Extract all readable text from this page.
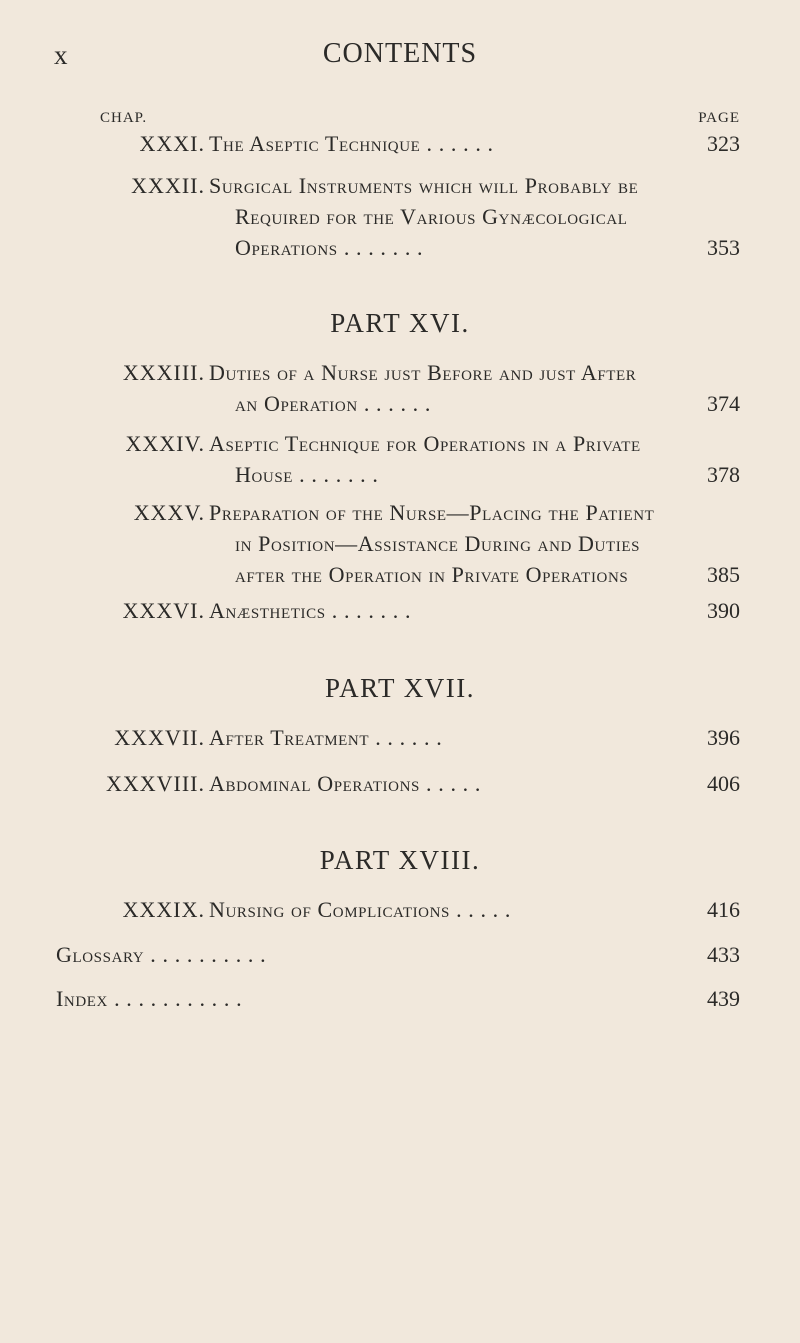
x	CONTENTS
CHAP.	PAGE
XXXI. The Aseptic Technique . . . . . .	323
XXXII. Surgical Instruments which will Probably be
Required for the Various Gynæcological
Operations . . . . . . .	353
PART XVI.
XXXIII. Duties of a Nurse just Before and just After
an Operation . . . . . .	374
XXXIV. Aseptic Technique for Operations in a Private
House . . . . . . .	378
XXXV. Preparation of the Nurse—Placing the Patient
in Position—Assistance During and Duties
after the Operation in Private Operations	385
XXXVI. Anæsthetics . . . . . . .	390
PART XVII.
XXXVII. After Treatment . . . . . .	396
XXXVIII. Abdominal Operations . . . . .	406
PART XVIII.
XXXIX. Nursing of Complications . . . . .	416
Glossary . . . . . . . . . .	433
Index . . . . . . . . . . .	439
